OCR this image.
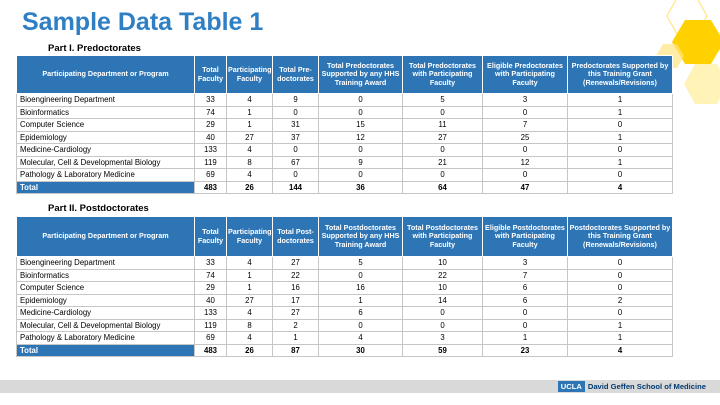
Sample Data Table 1
Part I. Predoctorates
Participating Department or Program	Total Faculty	Participating Faculty	Total Pre-doctorates	Total Predoctorates Supported by any HHS Training Award	Total Predoctorates with Participating Faculty	Eligible Predoctorates with Participating Faculty	Predoctorates Supported by this Training Grant (Renewals/Revisions)
Bioengineering Department	33	4	9	0	5	3	1
Bioinformatics	74	1	0	0	0	0	1
Computer Science	29	1	31	15	11	7	0
Epidemiology	40	27	37	12	27	25	1
Medicine-Cardiology	133	4	0	0	0	0	0
Molecular, Cell & Developmental Biology	119	8	67	9	21	12	1
Pathology & Laboratory Medicine	69	4	0	0	0	0	0
Total	483	26	144	36	64	47	4
Part II. Postdoctorates
Participating Department or Program	Total Faculty	Participating Faculty	Total Post-doctorates	Total Postdoctorates Supported by any HHS Training Award	Total Postdoctorates with Participating Faculty	Eligible Postdoctorates with Participating Faculty	Postdoctorates Supported by this Training Grant (Renewals/Revisions)
Bioengineering Department	33	4	27	5	10	3	0
Bioinformatics	74	1	22	0	22	7	0
Computer Science	29	1	16	16	10	6	0
Epidemiology	40	27	17	1	14	6	2
Medicine-Cardiology	133	4	27	6	0	0	0
Molecular, Cell & Developmental Biology	119	8	2	0	0	0	1
Pathology & Laboratory Medicine	69	4	1	4	3	1	1
Total	483	26	87	30	59	23	4
UCLA David Geffen School of Medicine
